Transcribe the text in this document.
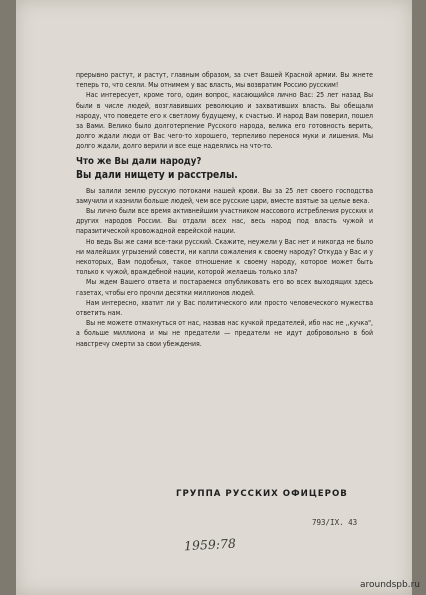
прерывно растут, и растут, главным образом, за счет Вашей Красной армии. Вы жнете теперь то, что сеяли. Мы отнимем у вас власть, мы возвратим Россию русским!

Нас интересует, кроме того, один вопрос, касающийся лично Вас: 25 лет назад Вы были в числе людей, возглавивших революцию и захвативших власть. Вы обещали народу, что поведете его к светлому будущему, к счастью. И народ Вам поверил, пошел за Вами. Велико было долготерпение Русского народа, велика его готовность верить, долго ждали люди от Вас чего-то хорошего, терпеливо перенося муки и лишения. Мы долго ждали, долго верили и все еще надеялись на что-то.

Что же Вы дали народу?
Вы дали нищету и расстрелы.

Вы залили землю русскую потоками нашей крови. Вы за 25 лет своего господства замучили и казнили больше людей, чем все русские цари, вместе взятые за целые века.

Вы лично были все время активнейшим участником массового истребления русских и других народов России. Вы отдали всех нас, весь народ под власть чужой и паразитической кровожадной еврейской нации.

Но ведь Вы же сами все-таки русский. Скажите, неужели у Вас нет и никогда не было ни малейших угрызений совести, ни капли сожаления к своему народу? Откуда у Вас и у некоторых, Вам подобных, такое отношение к своему народу, которое может быть только к чужой, враждебной нации, которой желаешь только зла?

Мы ждем Вашего ответа и постараемся опубликовать его во всех выходящих здесь газетах, чтобы его прочли десятки миллионов людей.

Нам интересно, хватит ли у Вас политического или просто человеческого мужества ответить нам.

Вы не можете отмахнуться от нас, назвав нас кучкой предателей, ибо нас не ,,кучка", а больше миллиона и мы не предатели — предатели не идут добровольно в бой навстречу смерти за свои убеждения.

ГРУППА РУССКИХ ОФИЦЕРОВ
793/IX. 43
1959:78
aroundspb.ru
